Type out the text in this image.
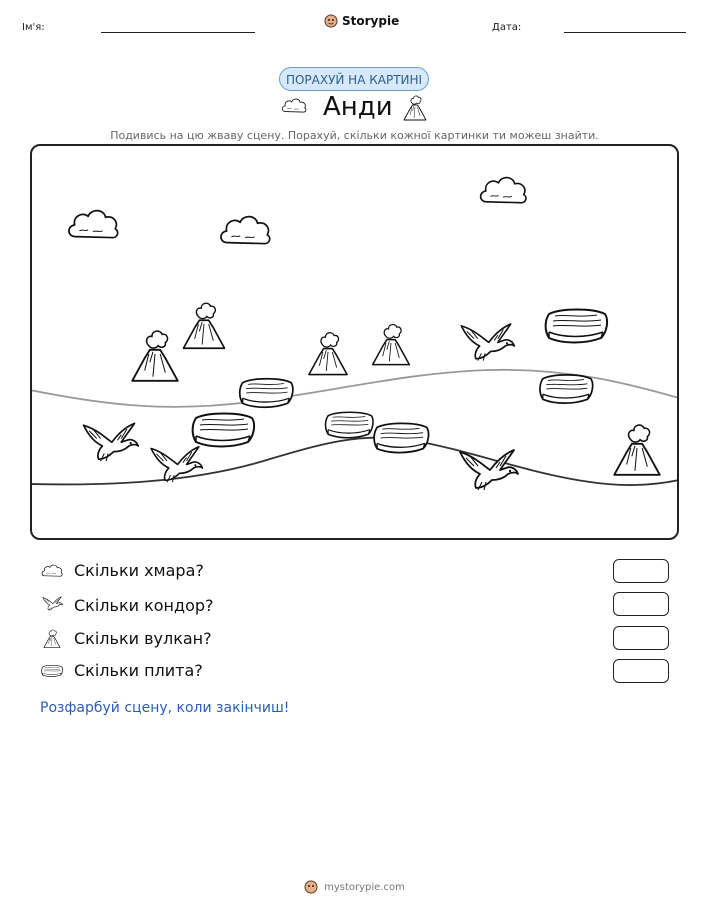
Ім'я:	Storypie	Дата:
ПОРАХУЙ НА КАРТИНІ
Анди
Подивись на цю жваву сцену. Порахуй, скільки кожної картинки ти можеш знайти.
Скільки хмара?
Скільки кондор?
Скільки вулкан?
Скільки плита?
Розфарбуй сцену, коли закінчиш!
mystorypie.com
